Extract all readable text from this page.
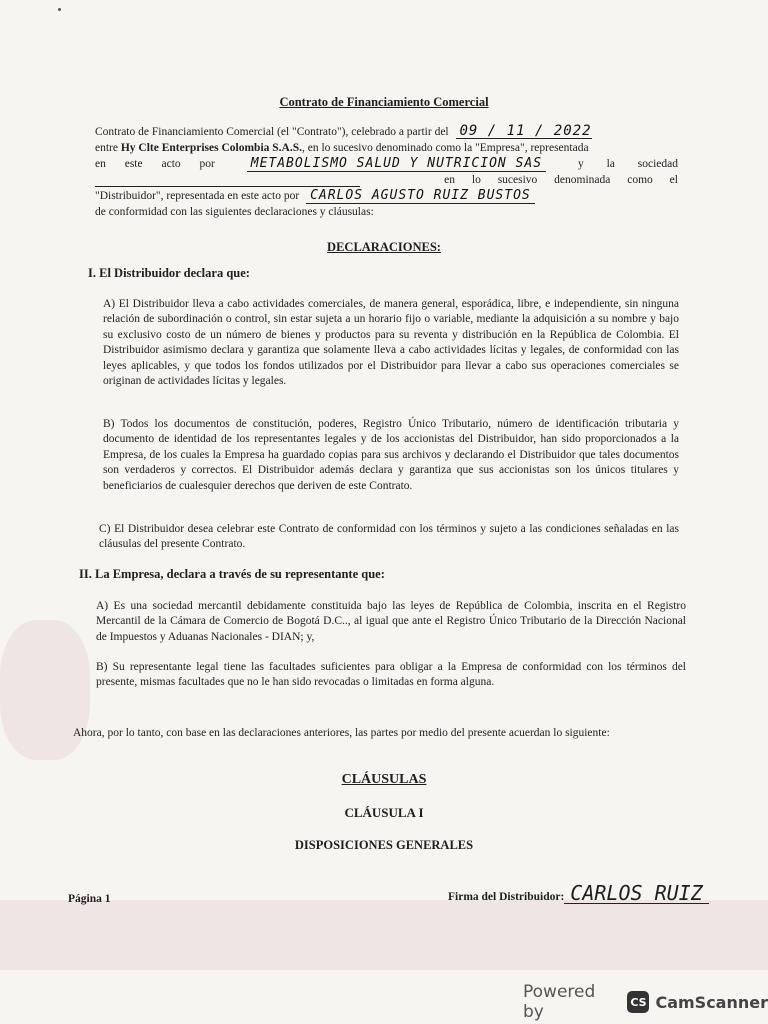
Contrato de Financiamiento Comercial
Contrato de Financiamiento Comercial (el "Contrato"), celebrado a partir del 09 / 11 / 2022
entre Hy Clte Enterprises Colombia S.A.S., en lo sucesivo denominado como la "Empresa", representada
en este acto por	METABOLISMO SALUD Y NUTRICION SAS	y la sociedad
en lo sucesivo denominada como el
"Distribuidor", representada en este acto por CARLOS AGUSTO RUIZ BUSTOS
de conformidad con las siguientes declaraciones y cláusulas:
DECLARACIONES:
I. El Distribuidor declara que:
A) El Distribuidor lleva a cabo actividades comerciales, de manera general, esporádica, libre, e independiente, sin ninguna relación de subordinación o control, sin estar sujeta a un horario fijo o variable, mediante la adquisición a su nombre y bajo su exclusivo costo de un número de bienes y productos para su reventa y distribución en la República de Colombia. El Distribuidor asimismo declara y garantiza que solamente lleva a cabo actividades lícitas y legales, de conformidad con las leyes aplicables, y que todos los fondos utilizados por el Distribuidor para llevar a cabo sus operaciones comerciales se originan de actividades lícitas y legales.
B) Todos los documentos de constitución, poderes, Registro Único Tributario, número de identificación tributaria y documento de identidad de los representantes legales y de los accionistas del Distribuidor, han sido proporcionados a la Empresa, de los cuales la Empresa ha guardado copias para sus archivos y declarando el Distribuidor que tales documentos son verdaderos y correctos. El Distribuidor además declara y garantiza que sus accionistas son los únicos titulares y beneficiarios de cualesquier derechos que deriven de este Contrato.
C) El Distribuidor desea celebrar este Contrato de conformidad con los términos y sujeto a las condiciones señaladas en las cláusulas del presente Contrato.
II. La Empresa, declara a través de su representante que:
A) Es una sociedad mercantil debidamente constituida bajo las leyes de República de Colombia, inscrita en el Registro Mercantil de la Cámara de Comercio de Bogotá D.C.., al igual que ante el Registro Único Tributario de la Dirección Nacional de Impuestos y Aduanas Nacionales - DIAN; y,
B) Su representante legal tiene las facultades suficientes para obligar a la Empresa de conformidad con los términos del presente, mismas facultades que no le han sido revocadas o limitadas en forma alguna.
Ahora, por lo tanto, con base en las declaraciones anteriores, las partes por medio del presente acuerdan lo siguiente:
CLÁUSULAS
CLÁUSULA I
DISPOSICIONES GENERALES
Página 1	Firma del Distribuidor: CARLOS RUIZ
Powered by	CS CamScanner
